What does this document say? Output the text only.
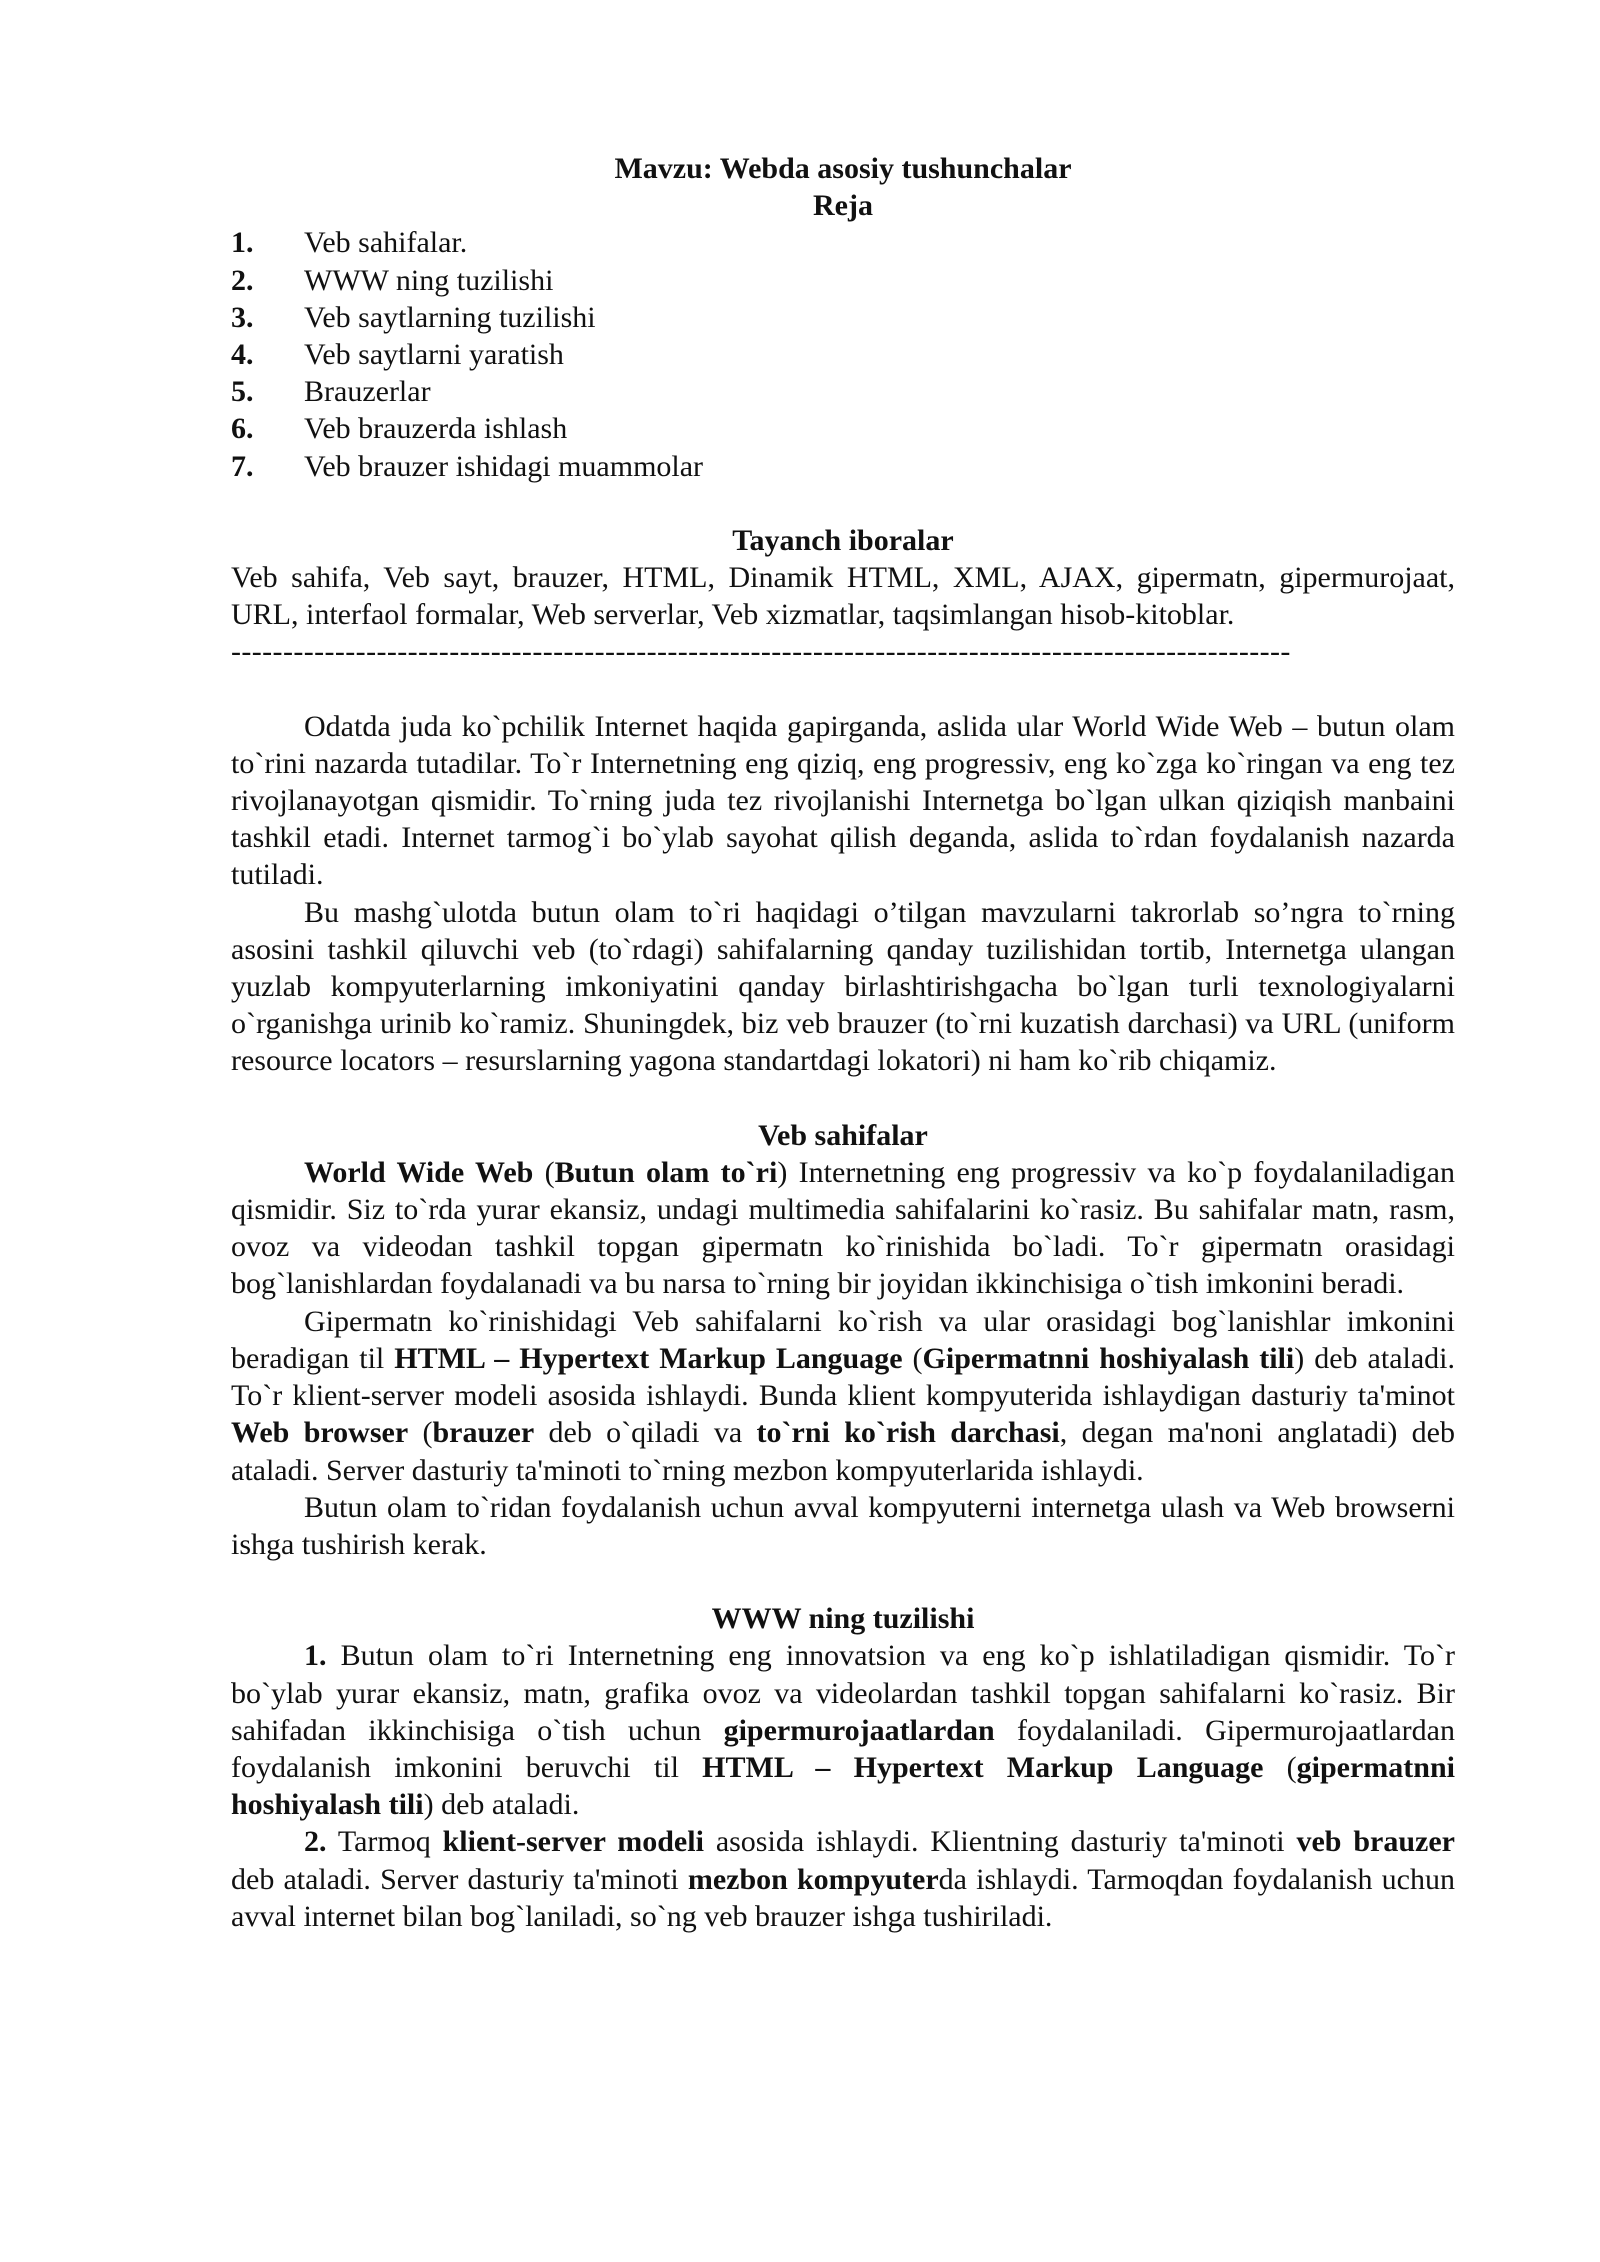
Mavzu: Webda asosiy tushunchalar
Reja
1.	Veb sahifalar.
2.	WWW ning tuzilishi
3.	Veb saytlarning tuzilishi
4.	Veb saytlarni yaratish
5.	Brauzerlar
6.	Veb brauzerda ishlash
7.	Veb brauzer ishidagi muammolar
Tayanch iboralar

Veb sahifa, Veb sayt, brauzer, HTML, Dinamik HTML, XML, AJAX, gipermatn, gipermurojaat, URL, interfaol formalar, Web serverlar, Veb xizmatlar, taqsimlangan hisob-kitoblar.

------------------------------------------------------------------------------------------------------

Odatda juda ko`pchilik Internet haqida gapirganda, aslida ular World Wide Web – butun olam to`rini nazarda tutadilar. To`r Internetning eng qiziq, eng progressiv, eng ko`zga ko`ringan va eng tez rivojlanayotgan qismidir. To`rning juda tez rivojlanishi Internetga bo`lgan ulkan qiziqish manbaini tashkil etadi. Internet tarmog`i bo`ylab sayohat qilish deganda, aslida to`rdan foydalanish nazarda tutiladi.

Bu mashg`ulotda butun olam to`ri haqidagi o’tilgan mavzularni takrorlab so’ngra to`rning asosini tashkil qiluvchi veb (to`rdagi) sahifalarning qanday tuzilishidan tortib, Internetga ulangan yuzlab kompyuterlarning imkoniyatini qanday birlashtirishgacha bo`lgan turli texnologiyalarni o`rganishga urinib ko`ramiz. Shuningdek, biz veb brauzer (to`rni kuzatish darchasi) va URL (uniform resource locators – resurslarning yagona standartdagi lokatori) ni ham ko`rib chiqamiz.

Veb sahifalar

World Wide Web (Butun olam to`ri) Internetning eng progressiv va ko`p foydalaniladigan qismidir. Siz to`rda yurar ekansiz, undagi multimedia sahifalarini ko`rasiz. Bu sahifalar matn, rasm, ovoz va videodan tashkil topgan gipermatn ko`rinishida bo`ladi. To`r gipermatn orasidagi bog`lanishlardan foydalanadi va bu narsa to`rning bir joyidan ikkinchisiga o`tish imkonini beradi.

Gipermatn ko`rinishidagi Veb sahifalarni ko`rish va ular orasidagi bog`lanishlar imkonini beradigan til HTML – Hypertext Markup Language (Gipermatnni hoshiyalash tili) deb ataladi. To`r klient-server modeli asosida ishlaydi. Bunda klient kompyuterida ishlaydigan dasturiy ta'minot Web browser (brauzer deb o`qiladi va to`rni ko`rish darchasi, degan ma'noni anglatadi) deb ataladi. Server dasturiy ta'minoti to`rning mezbon kompyuterlarida ishlaydi.

Butun olam to`ridan foydalanish uchun avval kompyuterni internetga ulash va Web browserni ishga tushirish kerak.

WWW ning tuzilishi

1. Butun olam to`ri Internetning eng innovatsion va eng ko`p ishlatiladigan qismidir. To`r bo`ylab yurar ekansiz, matn, grafika ovoz va videolardan tashkil topgan sahifalarni ko`rasiz. Bir sahifadan ikkinchisiga o`tish uchun gipermurojaatlardan foydalaniladi. Gipermurojaatlardan foydalanish imkonini beruvchi til HTML – Hypertext Markup Language (gipermatnni hoshiyalash tili) deb ataladi.

2. Tarmoq klient-server modeli asosida ishlaydi. Klientning dasturiy ta'minoti veb brauzer deb ataladi. Server dasturiy ta'minoti mezbon kompyuterda ishlaydi. Tarmoqdan foydalanish uchun avval internet bilan bog`laniladi, so`ng veb brauzer ishga tushiriladi.
